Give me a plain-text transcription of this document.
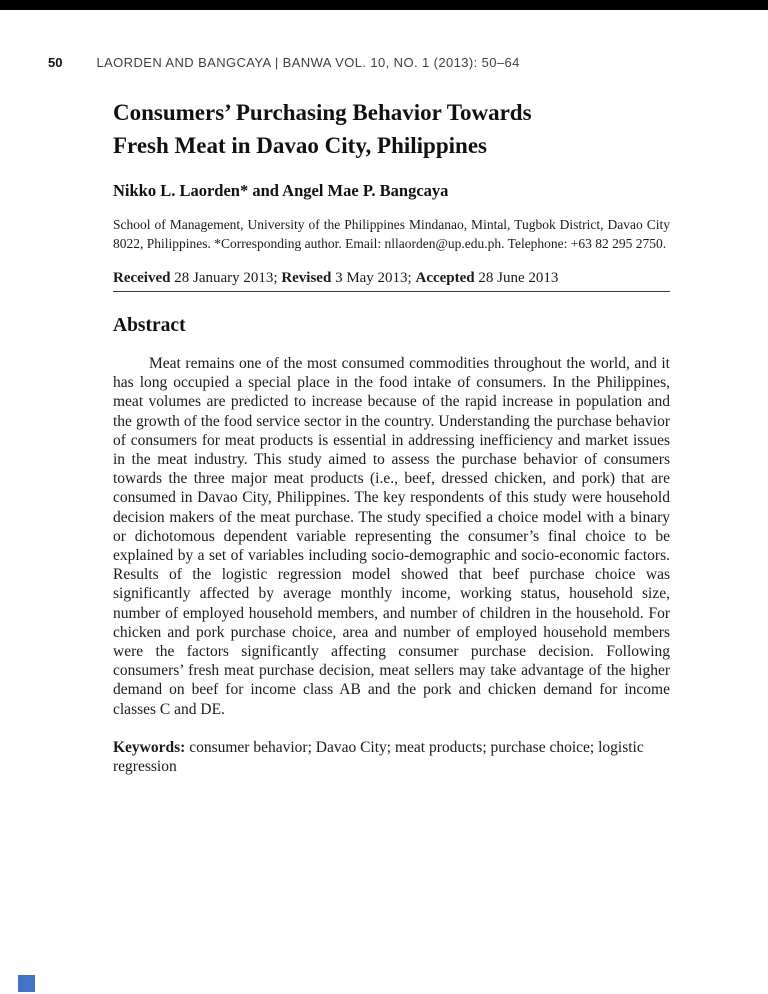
50	LAORDEN AND BANGCAYA | BANWA VOL. 10, NO. 1 (2013): 50–64
Consumers’ Purchasing Behavior Towards
Fresh Meat in Davao City, Philippines
Nikko L. Laorden* and Angel Mae P. Bangcaya
School of Management, University of the Philippines Mindanao, Mintal, Tugbok District, Davao City 8022, Philippines. *Corresponding author. Email: nllaorden@up.edu.ph. Telephone: +63 82 295 2750.
Received 28 January 2013; Revised 3 May 2013; Accepted 28 June 2013
Abstract
Meat remains one of the most consumed commodities throughout the world, and it has long occupied a special place in the food intake of consumers. In the Philippines, meat volumes are predicted to increase because of the rapid increase in population and the growth of the food service sector in the country. Understanding the purchase behavior of consumers for meat products is essential in addressing inefficiency and market issues in the meat industry. This study aimed to assess the purchase behavior of consumers towards the three major meat products (i.e., beef, dressed chicken, and pork) that are consumed in Davao City, Philippines. The key respondents of this study were household decision makers of the meat purchase. The study specified a choice model with a binary or dichotomous dependent variable representing the consumer’s final choice to be explained by a set of variables including socio-demographic and socio-economic factors. Results of the logistic regression model showed that beef purchase choice was significantly affected by average monthly income, working status, household size, number of employed household members, and number of children in the household. For chicken and pork purchase choice, area and number of employed household members were the factors significantly affecting consumer purchase decision. Following consumers’ fresh meat purchase decision, meat sellers may take advantage of the higher demand on beef for income class AB and the pork and chicken demand for income classes C and DE.
Keywords: consumer behavior; Davao City; meat products; purchase choice; logistic regression
